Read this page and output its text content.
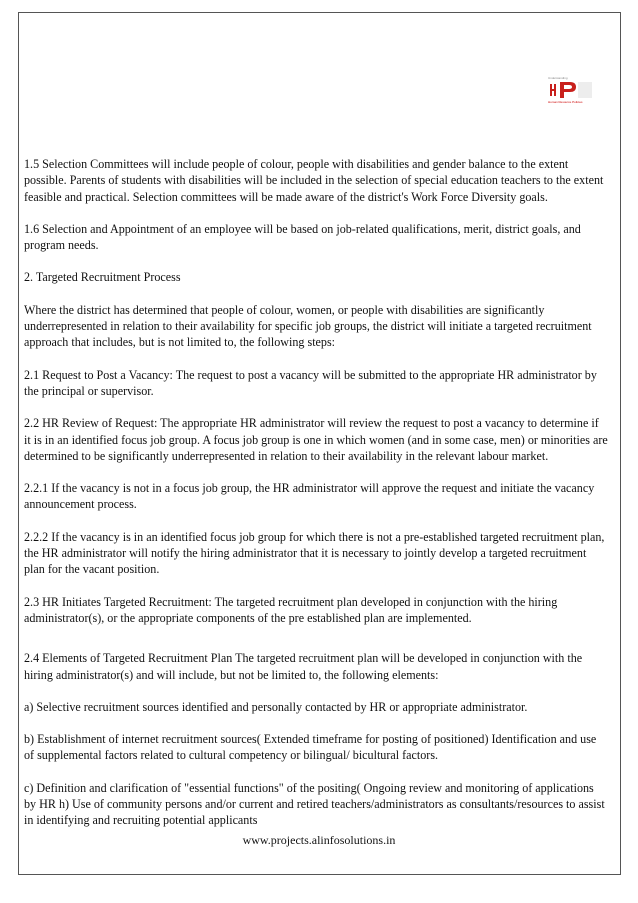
Understanding
Human Resource Policies

1.5 Selection Committees will include people of colour, people with disabilities and gender balance to the extent possible. Parents of students with disabilities will be included in the selection of special education teachers to the extent feasible and practical. Selection committees will be made aware of the district's Work Force Diversity goals.

1.6 Selection and Appointment of an employee will be based on job-related qualifications, merit, district goals, and program needs.

2. Targeted Recruitment Process

Where the district has determined that people of colour, women, or people with disabilities are significantly underrepresented in relation to their availability for specific job groups, the district will initiate a targeted recruitment approach that includes, but is not limited to, the following steps:

2.1 Request to Post a Vacancy: The request to post a vacancy will be submitted to the appropriate HR administrator by the principal or supervisor.

2.2 HR Review of Request: The appropriate HR administrator will review the request to post a vacancy to determine if it is in an identified focus job group. A focus job group is one in which women (and in some case, men) or minorities are determined to be significantly underrepresented in relation to their availability in the relevant labour market.

2.2.1 If the vacancy is not in a focus job group, the HR administrator will approve the request and initiate the vacancy announcement process.

2.2.2 If the vacancy is in an identified focus job group for which there is not a pre-established targeted recruitment plan, the HR administrator will notify the hiring administrator that it is necessary to jointly develop a targeted recruitment plan for the vacant position.

2.3 HR Initiates Targeted Recruitment: The targeted recruitment plan developed in conjunction with the hiring administrator(s), or the appropriate components of the pre established plan are implemented.

2.4 Elements of Targeted Recruitment Plan The targeted recruitment plan will be developed in conjunction with the hiring administrator(s) and will include, but not be limited to, the following elements:

a) Selective recruitment sources identified and personally contacted by HR or appropriate administrator.

b) Establishment of internet recruitment sources( Extended timeframe for posting of positioned) Identification and use of supplemental factors related to cultural competency or bilingual/ bicultural factors.

c) Definition and clarification of "essential functions" of the positing( Ongoing review and monitoring of applications by HR h) Use of community persons and/or current and retired teachers/administrators as consultants/resources to assist in identifying and recruiting potential applicants

www.projects.alinfosolutions.in
